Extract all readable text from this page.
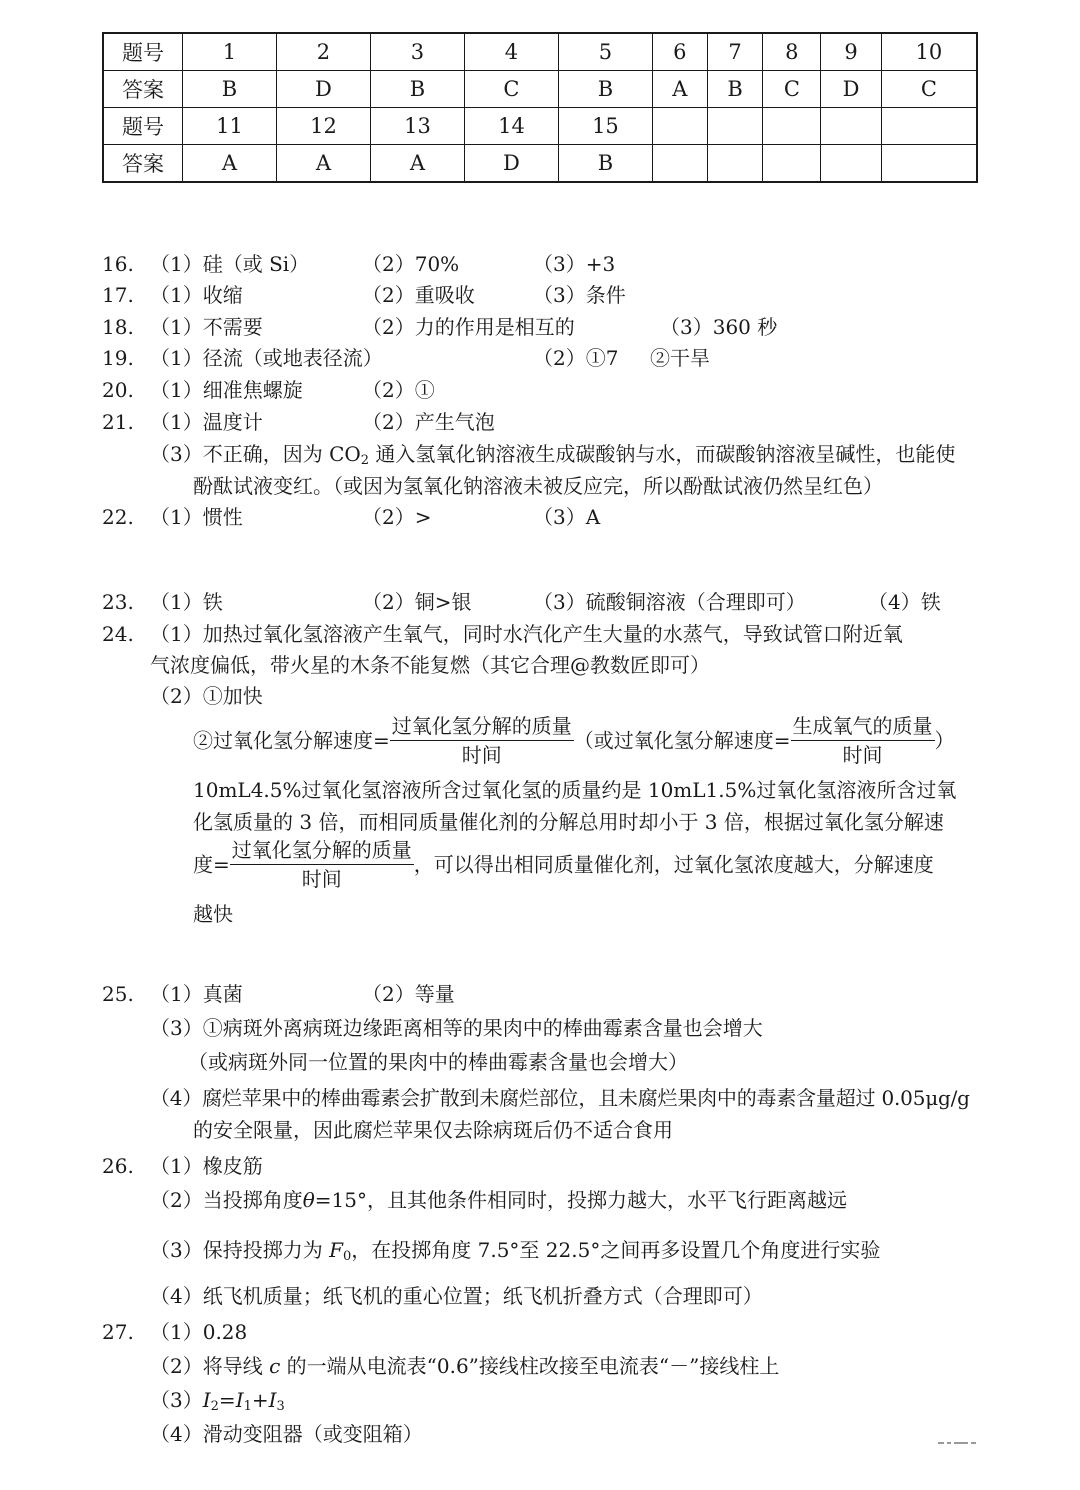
题号	1	2	3	4	5	6	7	8	9	10
答案	B	D	B	C	B	A	B	C	D	C
题号	11	12	13	14	15					
答案	A	A	A	D	B					
16. （1）硅（或 Si）	（2）70%	（3）+3
17. （1）收缩	（2）重吸收	（3）条件
18. （1）不需要	（2）力的作用是相互的	（3）360 秒
19. （1）径流（或地表径流）	（2）①7 ②干旱
20. （1）细准焦螺旋	（2）①
21. （1）温度计	（2）产生气泡
（3）不正确，因为 $CO_2$ 通入氢氧化钠溶液生成碳酸钠与水，而碳酸钠溶液呈碱性，也能使
酚酞试液变红。（或因为氢氧化钠溶液未被反应完，所以酚酞试液仍然呈红色）
22. （1）惯性	（2）>	（3）A
23. （1）铁	（2）铜>银	（3）硫酸铜溶液（合理即可）	（4）铁
24. （1）加热过氧化氢溶液产生氧气，同时水汽化产生大量的水蒸气，导致试管口附近氧
气浓度偏低，带火星的木条不能复燃（其它合理@教数匠即可）
（2）①加快
②过氧化氢分解速度= $\frac{\text{过氧化氢分解的质量}}{\text{时间}}$ （或过氧化氢分解速度= $\frac{\text{生成氧气的质量}}{\text{时间}}$ ）
10mL4.5%过氧化氢溶液所含过氧化氢的质量约是 10mL1.5%过氧化氢溶液所含过氧
化氢质量的 3 倍，而相同质量催化剂的分解总用时却小于 3 倍，根据过氧化氢分解速
度= $\frac{\text{过氧化氢分解的质量}}{\text{时间}}$ ，可以得出相同质量催化剂，过氧化氢浓度越大，分解速度
越快
25. （1）真菌	（2）等量
（3）①病斑外离病斑边缘距离相等的果肉中的棒曲霉素含量也会增大
（或病斑外同一位置的果肉中的棒曲霉素含量也会增大）
（4）腐烂苹果中的棒曲霉素会扩散到未腐烂部位，且未腐烂果肉中的毒素含量超过 0.05μg/g
的安全限量，因此腐烂苹果仅去除病斑后仍不适合食用
26. （1）橡皮筋
（2）当投掷角度θ=15°，且其他条件相同时，投掷力越大，水平飞行距离越远
（3）保持投掷力为 $F_0$，在投掷角度 7.5°至 22.5°之间再多设置几个角度进行实验
（4）纸飞机质量；纸飞机的重心位置；纸飞机折叠方式（合理即可）
27. （1）0.28
（2）将导线 c 的一端从电流表“0.6”接线柱改接至电流表“－”接线柱上
$(3)I_2=I_1+I_3$
（4）滑动变阻器（或变阻箱）
